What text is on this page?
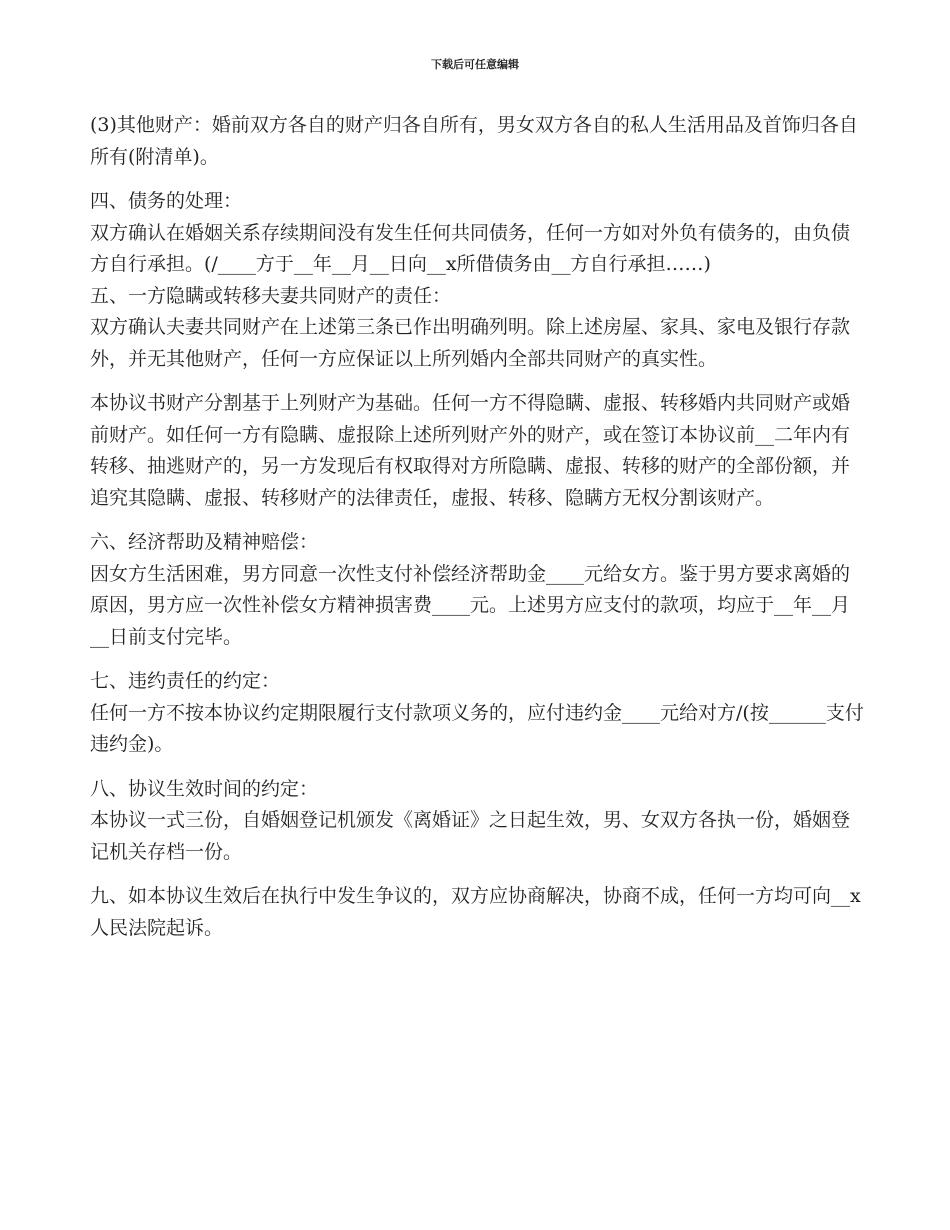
下载后可任意编辑

(3)其他财产：婚前双方各自的财产归各自所有，男女双方各自的私人生活用品及首饰归各自所有(附清单)。

四、债务的处理：

双方确认在婚姻关系存续期间没有发生任何共同债务，任何一方如对外负有债务的，由负债方自行承担。(/____方于__年__月__日向__x所借债务由__方自行承担……)

五、一方隐瞒或转移夫妻共同财产的责任：

双方确认夫妻共同财产在上述第三条已作出明确列明。除上述房屋、家具、家电及银行存款外，并无其他财产，任何一方应保证以上所列婚内全部共同财产的真实性。

本协议书财产分割基于上列财产为基础。任何一方不得隐瞒、虚报、转移婚内共同财产或婚前财产。如任何一方有隐瞒、虚报除上述所列财产外的财产，或在签订本协议前__二年内有转移、抽逃财产的，另一方发现后有权取得对方所隐瞒、虚报、转移的财产的全部份额，并追究其隐瞒、虚报、转移财产的法律责任，虚报、转移、隐瞒方无权分割该财产。

六、经济帮助及精神赔偿：

因女方生活困难，男方同意一次性支付补偿经济帮助金____元给女方。鉴于男方要求离婚的原因，男方应一次性补偿女方精神损害费____元。上述男方应支付的款项，均应于__年__月__日前支付完毕。

七、违约责任的约定：

任何一方不按本协议约定期限履行支付款项义务的，应付违约金____元给对方/(按______支付违约金)。

八、协议生效时间的约定：

本协议一式三份，自婚姻登记机颁发《离婚证》之日起生效，男、女双方各执一份，婚姻登记机关存档一份。

九、如本协议生效后在执行中发生争议的，双方应协商解决，协商不成，任何一方均可向__x人民法院起诉。
